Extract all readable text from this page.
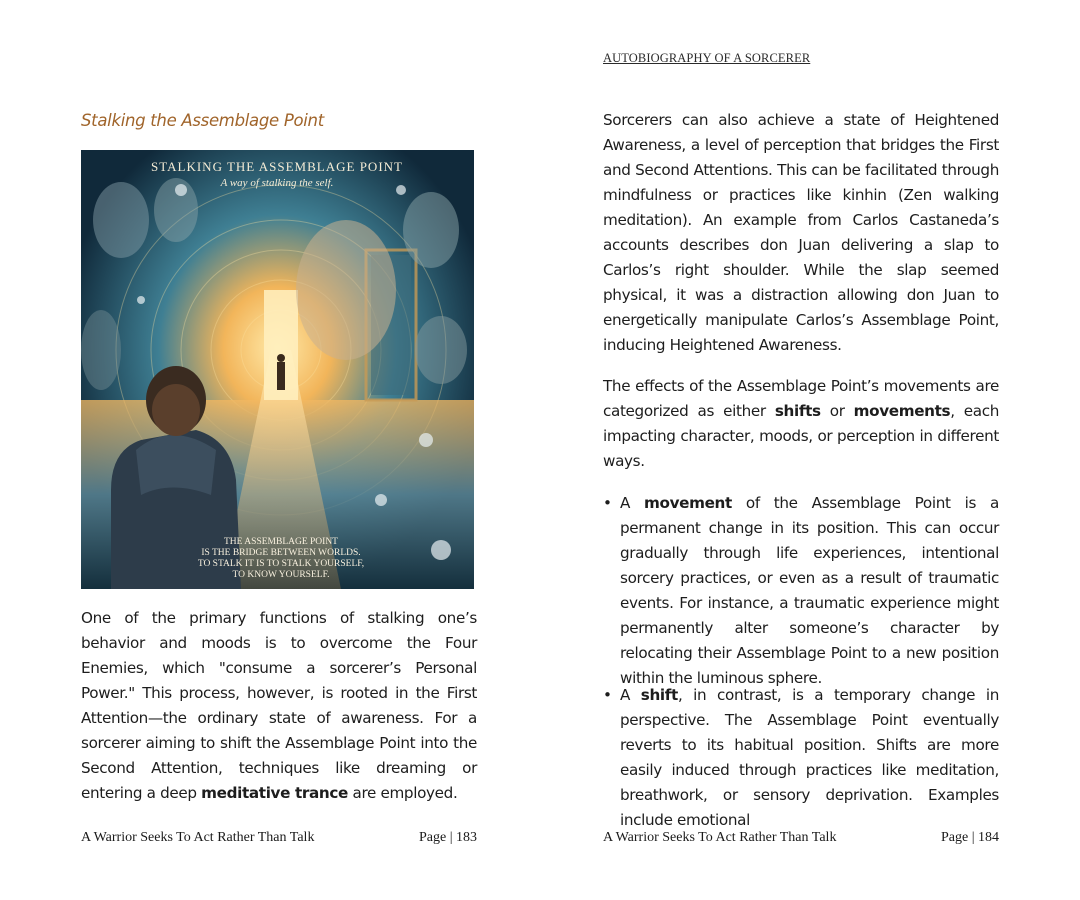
Stalking the Assemblage Point
STALKING THE ASSEMBLAGE POINT
A way of stalking the self.
THE ASSEMBLAGE POINT
IS THE BRIDGE BETWEEN WORLDS.
TO STALK IT IS TO STALK YOURSELF,
TO KNOW YOURSELF.

One of the primary functions of stalking one’s behavior and moods is to overcome the Four Enemies, which "consume a sorcerer’s Personal Power." This process, however, is rooted in the First Attention—the ordinary state of awareness. For a sorcerer aiming to shift the Assemblage Point into the Second Attention, techniques like dreaming or entering a deep meditative trance are employed.

A Warrior Seeks To Act Rather Than Talk	Page | 183
AUTOBIOGRAPHY OF A SORCERER

Sorcerers can also achieve a state of Heightened Awareness, a level of perception that bridges the First and Second Attentions. This can be facilitated through mindfulness or practices like kinhin (Zen walking meditation). An example from Carlos Castaneda’s accounts describes don Juan delivering a slap to Carlos’s right shoulder. While the slap seemed physical, it was a distraction allowing don Juan to energetically manipulate Carlos’s Assemblage Point, inducing Heightened Awareness.

The effects of the Assemblage Point’s movements are categorized as either shifts or movements, each impacting character, moods, or perception in different ways.

• A movement of the Assemblage Point is a permanent change in its position. This can occur gradually through life experiences, intentional sorcery practices, or even as a result of traumatic events. For instance, a traumatic experience might permanently alter someone’s character by relocating their Assemblage Point to a new position within the luminous sphere.
• A shift, in contrast, is a temporary change in perspective. The Assemblage Point eventually reverts to its habitual position. Shifts are more easily induced through practices like meditation, breathwork, or sensory deprivation. Examples include emotional
A Warrior Seeks To Act Rather Than Talk	Page | 184
